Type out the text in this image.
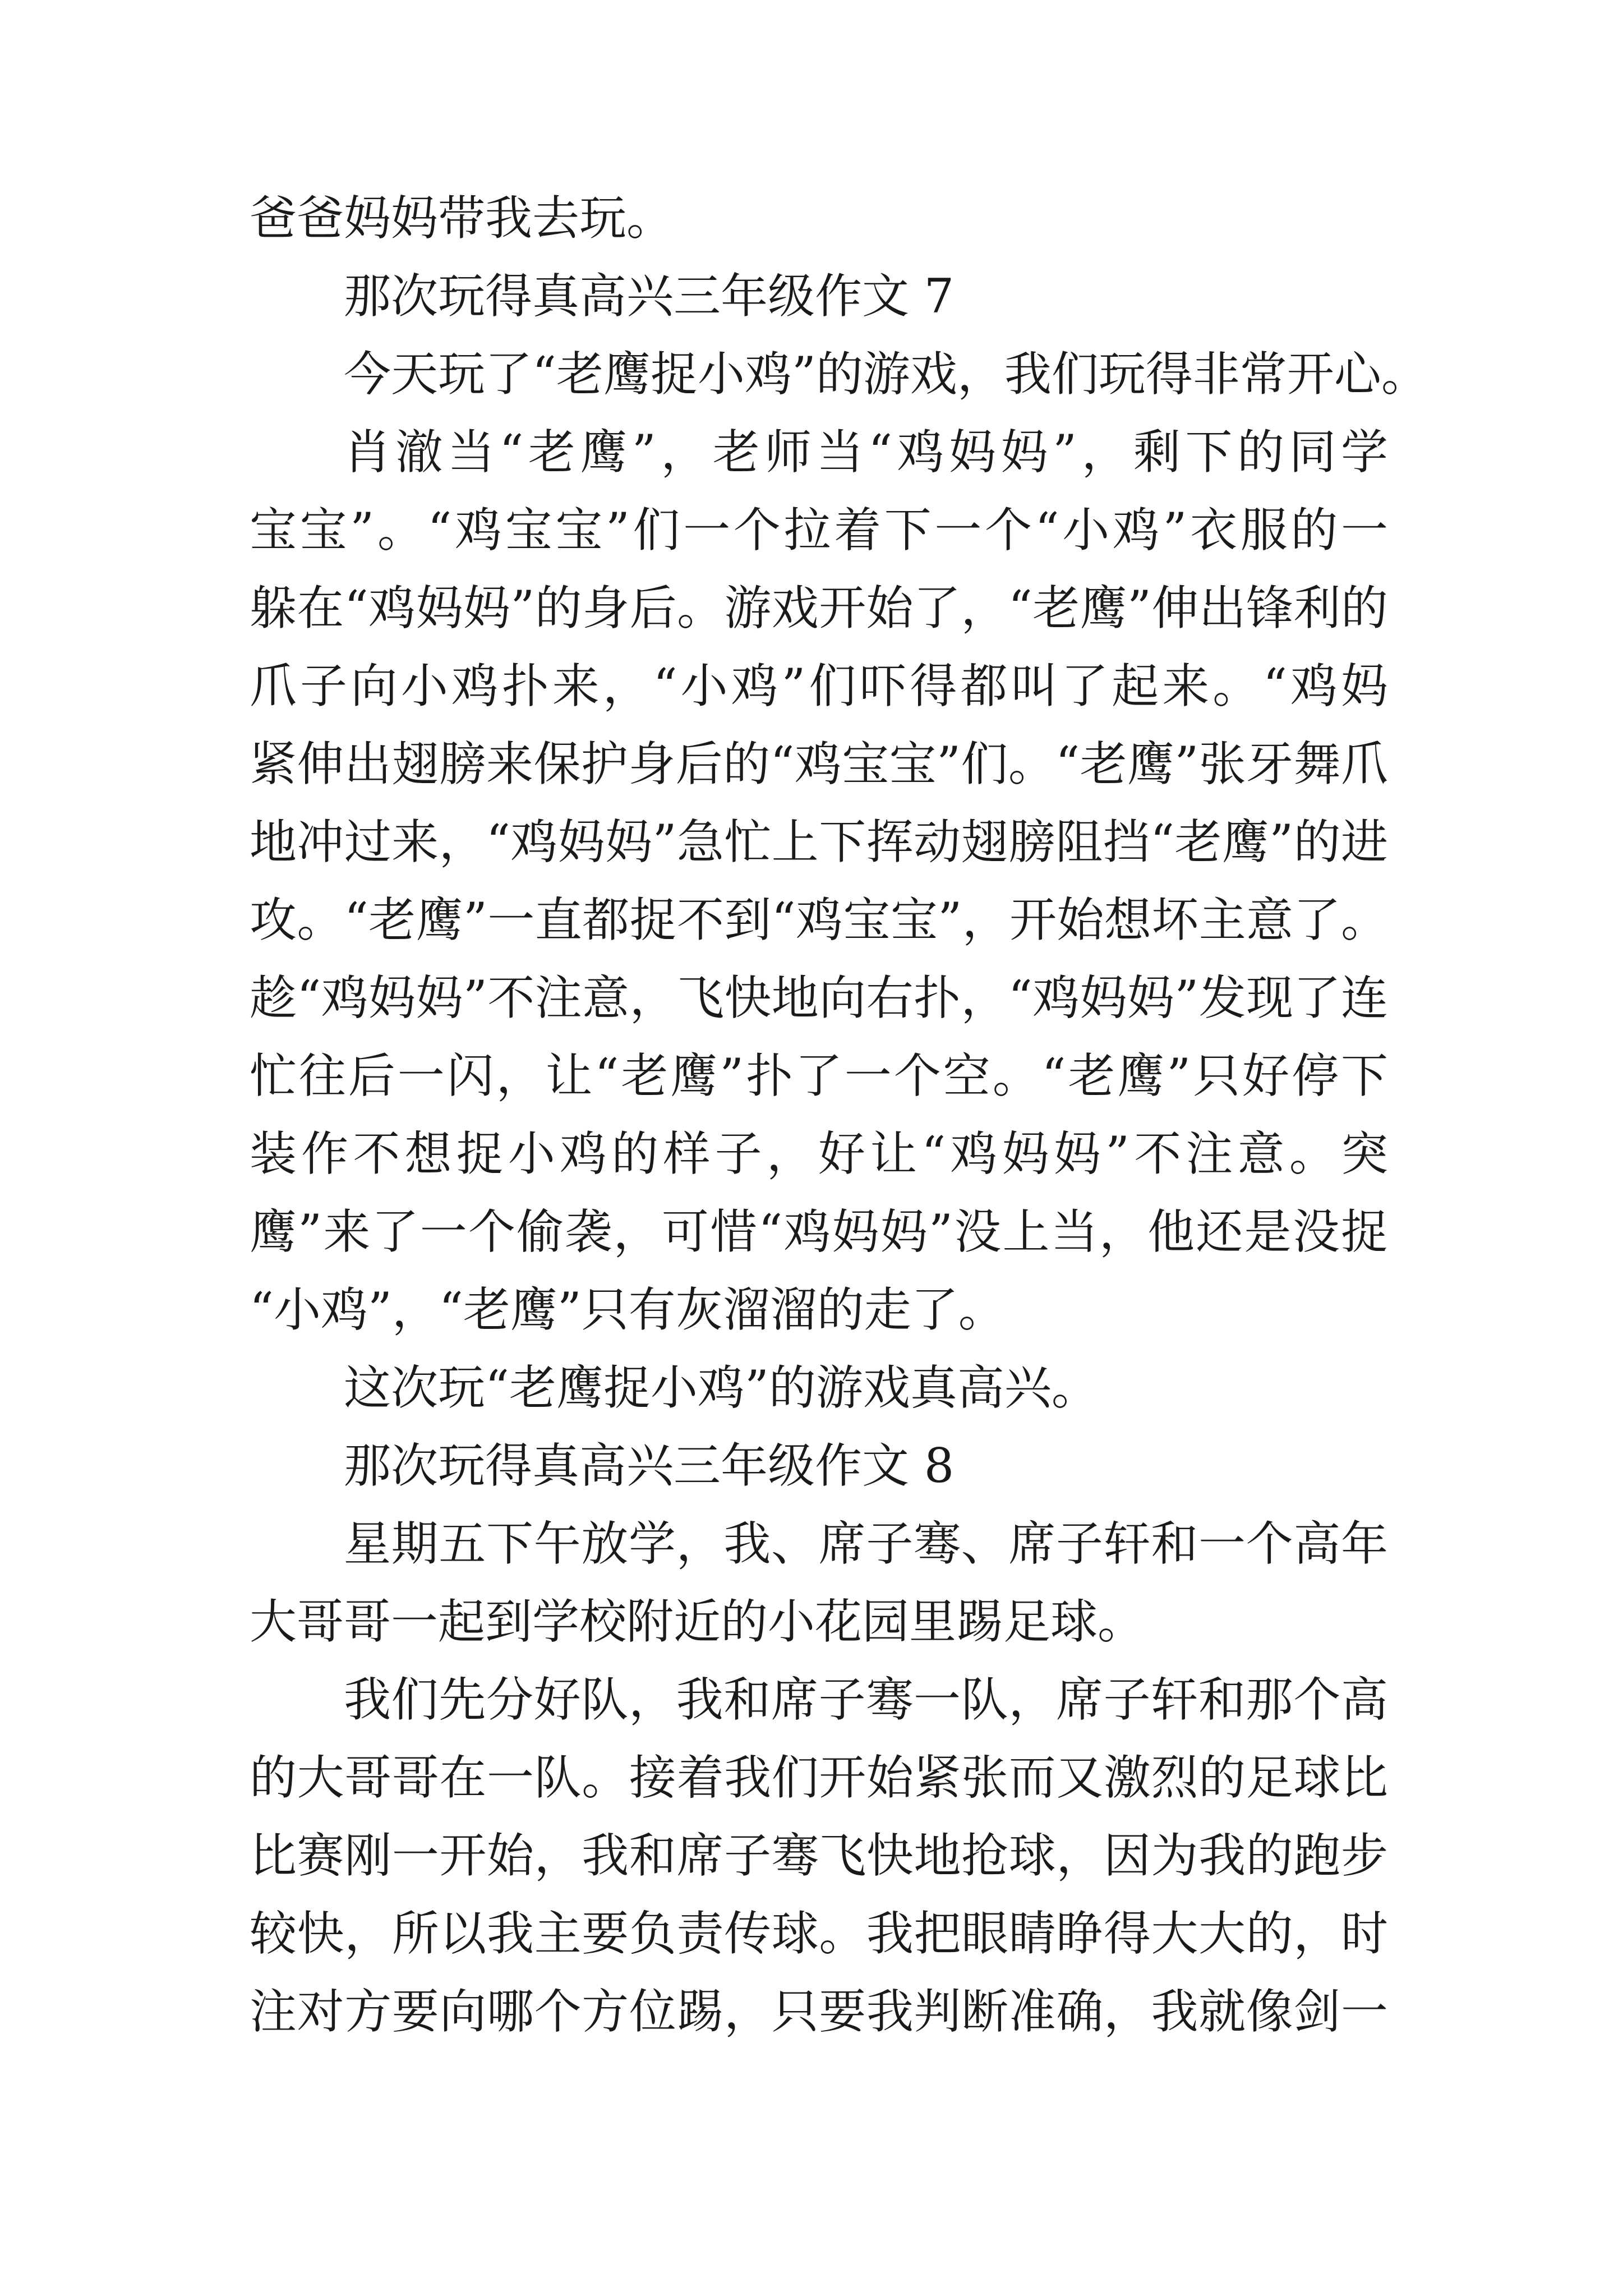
爸爸妈妈带我去玩。
那次玩得真高兴三年级作文 7
今天玩了“老鹰捉小鸡”的游戏，我们玩得非常开心。
肖澈当“老鹰”，老师当“鸡妈妈”，剩下的同学
宝宝”。“鸡宝宝”们一个拉着下一个“小鸡”衣服的一
躲在“鸡妈妈”的身后。游戏开始了，“老鹰”伸出锋利的
爪子向小鸡扑来，“小鸡”们吓得都叫了起来。“鸡妈
紧伸出翅膀来保护身后的“鸡宝宝”们。“老鹰”张牙舞爪
地冲过来，“鸡妈妈”急忙上下挥动翅膀阻挡“老鹰”的进
攻。“老鹰”一直都捉不到“鸡宝宝”，开始想坏主意了。
趁“鸡妈妈”不注意，飞快地向右扑，“鸡妈妈”发现了连
忙往后一闪，让“老鹰”扑了一个空。“老鹰”只好停下
装作不想捉小鸡的样子，好让“鸡妈妈”不注意。突
鹰”来了一个偷袭，可惜“鸡妈妈”没上当，他还是没捉
“小鸡”，“老鹰”只有灰溜溜的走了。
这次玩“老鹰捉小鸡”的游戏真高兴。
那次玩得真高兴三年级作文 8
星期五下午放学，我、席子骞、席子轩和一个高年
大哥哥一起到学校附近的小花园里踢足球。
我们先分好队，我和席子骞一队，席子轩和那个高
的大哥哥在一队。接着我们开始紧张而又激烈的足球比
比赛刚一开始，我和席子骞飞快地抢球，因为我的跑步
较快，所以我主要负责传球。我把眼睛睁得大大的，时
注对方要向哪个方位踢，只要我判断准确，我就像剑一
